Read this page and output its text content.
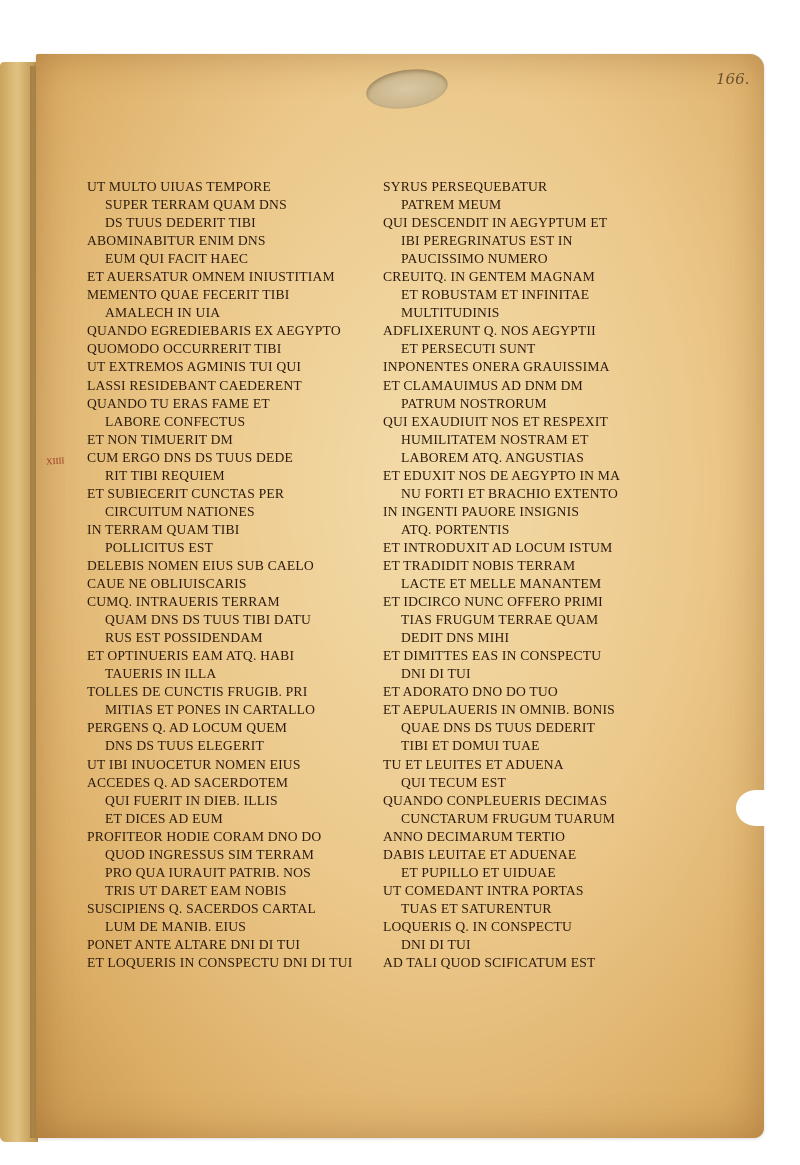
166.
XIIII
UT MULTO UIUAS TEMPORE
SUPER TERRAM QUAM DNS
DS TUUS DEDERIT TIBI
ABOMINABITUR ENIM DNS
EUM QUI FACIT HAEC
ET AUERSATUR OMNEM INIUSTITIAM
MEMENTO QUAE FECERIT TIBI
AMALECH IN UIA
QUANDO EGREDIEBARIS EX AEGYPTO
QUOMODO OCCURRERIT TIBI
UT EXTREMOS AGMINIS TUI QUI
LASSI RESIDEBANT CAEDERENT
QUANDO TU ERAS FAME ET
LABORE CONFECTUS
ET NON TIMUERIT DM
CUM ERGO DNS DS TUUS DEDE
RIT TIBI REQUIEM
ET SUBIECERIT CUNCTAS PER
CIRCUITUM NATIONES
IN TERRAM QUAM TIBI
POLLICITUS EST
DELEBIS NOMEN EIUS SUB CAELO
CAUE NE OBLIUISCARIS
CUMQ. INTRAUERIS TERRAM
QUAM DNS DS TUUS TIBI DATU
RUS EST POSSIDENDAM
ET OPTINUERIS EAM ATQ. HABI
TAUERIS IN ILLA
TOLLES DE CUNCTIS FRUGIB. PRI
MITIAS ET PONES IN CARTALLO
PERGENS Q. AD LOCUM QUEM
DNS DS TUUS ELEGERIT
UT IBI INUOCETUR NOMEN EIUS
ACCEDES Q. AD SACERDOTEM
QUI FUERIT IN DIEB. ILLIS
ET DICES AD EUM
PROFITEOR HODIE CORAM DNO DO
QUOD INGRESSUS SIM TERRAM
PRO QUA IURAUIT PATRIB. NOS
TRIS UT DARET EAM NOBIS
SUSCIPIENS Q. SACERDOS CARTAL
LUM DE MANIB. EIUS
PONET ANTE ALTARE DNI DI TUI
ET LOQUERIS IN CONSPECTU DNI DI TUI
SYRUS PERSEQUEBATUR
PATREM MEUM
QUI DESCENDIT IN AEGYPTUM ET
IBI PEREGRINATUS EST IN
PAUCISSIMO NUMERO
CREUITQ. IN GENTEM MAGNAM
ET ROBUSTAM ET INFINITAE
MULTITUDINIS
ADFLIXERUNT Q. NOS AEGYPTII
ET PERSECUTI SUNT
INPONENTES ONERA GRAUISSIMA
ET CLAMAUIMUS AD DNM DM
PATRUM NOSTRORUM
QUI EXAUDIUIT NOS ET RESPEXIT
HUMILITATEM NOSTRAM ET
LABOREM ATQ. ANGUSTIAS
ET EDUXIT NOS DE AEGYPTO IN MA
NU FORTI ET BRACHIO EXTENTO
IN INGENTI PAUORE INSIGNIS
ATQ. PORTENTIS
ET INTRODUXIT AD LOCUM ISTUM
ET TRADIDIT NOBIS TERRAM
LACTE ET MELLE MANANTEM
ET IDCIRCO NUNC OFFERO PRIMI
TIAS FRUGUM TERRAE QUAM
DEDIT DNS MIHI
ET DIMITTES EAS IN CONSPECTU
DNI DI TUI
ET ADORATO DNO DO TUO
ET AEPULAUERIS IN OMNIB. BONIS
QUAE DNS DS TUUS DEDERIT
TIBI ET DOMUI TUAE
TU ET LEUITES ET ADUENA
QUI TECUM EST
QUANDO CONPLEUERIS DECIMAS
CUNCTARUM FRUGUM TUARUM
ANNO DECIMARUM TERTIO
DABIS LEUITAE ET ADUENAE
ET PUPILLO ET UIDUAE
UT COMEDANT INTRA PORTAS
TUAS ET SATURENTUR
LOQUERIS Q. IN CONSPECTU
DNI DI TUI
AD TALI QUOD SCIFICATUM EST
